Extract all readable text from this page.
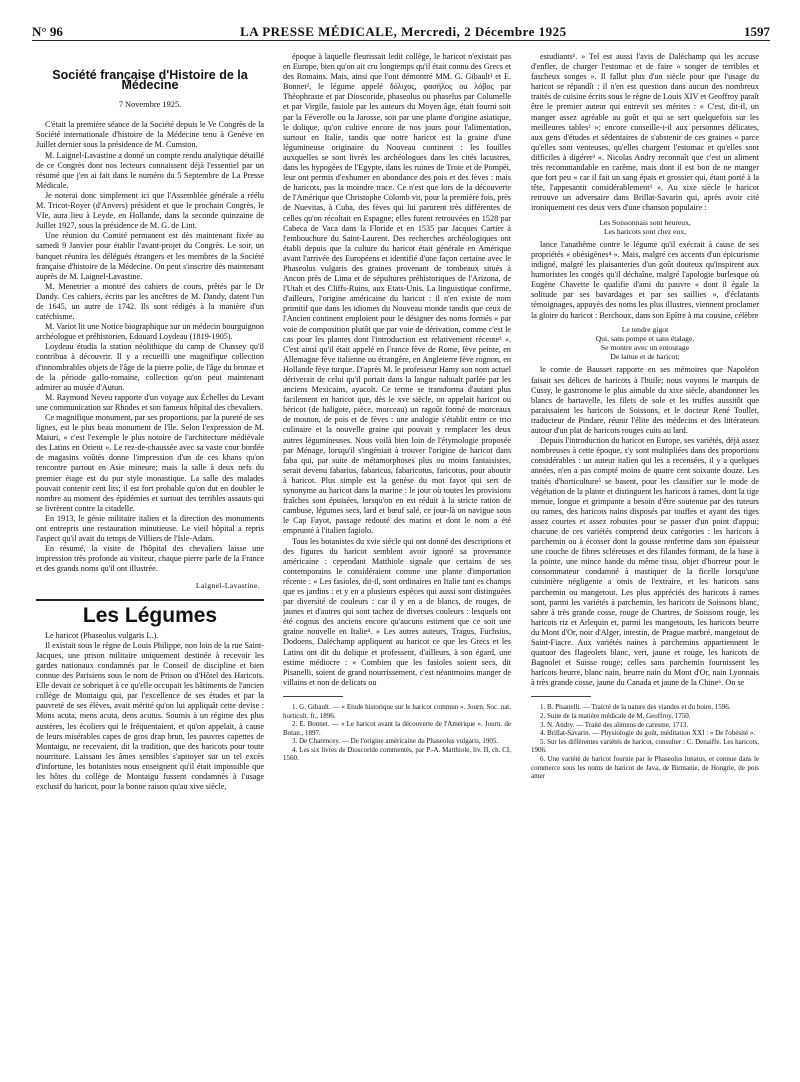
N° 96	LA PRESSE MÉDICALE, Mercredi, 2 Décembre 1925	1597
Société française d'Histoire de la Médecine
7 Novembre 1925.

C'était la première séance de la Société depuis le Ve Congrès de la Société internationale d'histoire de la Médecine tenu à Genève en Juillet dernier sous la présidence de M. Cumston.

M. Laignel-Lavastine a donné un compte rendu analytique détaillé de ce Congrès dont nos lecteurs connaissent déjà l'essentiel par un résumé que j'en ai fait dans le numéro du 5 Septembre de La Presse Médicale.

Je noterai donc simplement ici que l'Assemblée générale a réélu M. Tricot-Royer (d'Anvers) président et que le prochain Congrès, le VIe, aura lieu à Leyde, en Hollande, dans la seconde quinzaine de Juillet 1927, sous la présidence de M. G. de Lint.

Une réunion du Comité permanent est dès maintenant fixée au samedi 9 Janvier pour établir l'avant-projet du Congrès. Le soir, un banquet réunira les délégués étrangers et les membres de la Société française d'histoire de la Médecine. On peut s'inscrire dès maintenant auprès de M. Laignel-Lavastine.

M. Menetrier a montré des cahiers de cours, prêtés par le Dr Dandy. Ces cahiers, écrits par les ancêtres de M. Dandy, datent l'un de 1645, un autre de 1742. Ils sont rédigés à la manière d'un catéchisme.

M. Variot lit une Notice biographique sur un médecin bourguignon archéologue et préhistorien, Edouard Loydeau (1819-1905).

Loydeau étudia la station néolithique du camp de Chassey qu'il contribua à découvrir. Il y a recueilli une magnifique collection d'innombrables objets de l'âge de la pierre polie, de l'âge du bronze et de la période gallo-romaine, collection qu'on peut maintenant admirer au musée d'Autun.

M. Raymond Neveu rapporte d'un voyage aux Échelles du Levant une communication sur Rhodes et son fameux hôpital des chevaliers.

Ce magnifique monument, par ses proportions, par la pureté de ses lignes, est le plus beau monument de l'île. Selon l'expression de M. Maiuri, « c'est l'exemple le plus notoire de l'architecture médiévale des Latins en Orient ». Le rez-de-chaussée avec sa vaste cour bordée de magasins voûtés donne l'impression d'un de ces khans qu'on rencontre partout en Asie mineure; mais la salle à deux nefs du premier étage est du pur style monastique. La salle des malades pouvait contenir cent lits; il est fort probable qu'on dut en doubler le nombre au moment des épidémies et surtout des terribles assauts qui se livrèrent contre la citadelle.

En 1913, le génie militaire italien et la direction des monuments ont entrepris une restauration minutieuse. Le vieil hôpital a repris l'aspect qu'il avait du temps de Villiers de l'Isle-Adam.

En résumé, la visite de l'hôpital des chevaliers laisse une impression très profonde au visiteur, chaque pierre parle de la France et des grands noms qu'il ont illustrée.

Laignel-Lavastine.
Les Légumes

Le haricot (Phaseolus vulgaris L.).

Il existait sous le règne de Louis Philippe, non loin de la rue Saint-Jacques, une prison militaire uniquement destinée à recevoir les gardes nationaux condamnés par le Conseil de discipline et bien connue des Parisiens sous le nom de Prison ou d'Hôtel des Haricots. Elle devait ce sobriquet à ce qu'elle occupait les bâtiments de l'ancien collège de Montaigu qui, par l'excellence de ses études et par la pauvreté de ses élèves, avait mérité qu'on lui appliquât cette devise : Mons acuta, mens acuta, dens acutus. Soumis à un régime des plus austères, les écoliers qui le fréquentaient, et qu'on appelait, à cause de leurs misérables capes de gros drap brun, les pauvres capettes de Montaigu, ne recevaient, dit la tradition, que des haricots pour toute nourriture. Laissant les âmes sensibles s'apitoyer sur un tel excès d'infortune, les botanistes nous enseignent qu'il était impossible que les hôtes du collège de Montaigu fussent condamnés à l'usage exclusif du haricot, pour la bonne raison qu'au xive siècle,

époque à laquelle fleurissait ledit collège, le haricot n'existait pas en Europe, bien qu'on ait cru longtemps qu'il était connu des Grecs et des Romains. Mais, ainsi que l'ont démontré MM. G. Gibault¹ et E. Bonnet², le légume appelé δόλιχος, φασήλος ou λόβος par Théophraste et par Dioscoride, phaseolus ou phaselus par Columelle et par Virgile, fasiole par les auteurs du Moyen âge, était fourni soit par la Féverolle ou la Jarosse, soit par une plante d'origine asiatique, le dolique, qu'on cultive encore de nos jours pour l'alimentation, surtout en Italie, tandis que notre haricot est la graine d'une légumineuse originaire du Nouveau continent : les fouilles auxquelles se sont livrés les archéologues dans les cités lacustres, dans les hypogées de l'Egypte, dans les ruines de Troie et de Pompéi, leur ont permis d'exhumer en abondance des pois et des fèves : mais de haricots, pas la moindre trace. Ce n'est que lors de la découverte de l'Amérique que Christophe Colomb vit, pour la première fois, près de Nuevitas, à Cuba, des fèves qui lui parurent très différentes de celles qu'on récoltait en Espagne; elles furent retrouvées en 1528 par Cabeca de Vaca dans la Floride et en 1535 par Jacques Cartier à l'embouchure du Saint-Laurent. Des recherches archéologiques ont établi depuis que la culture du haricot était générale en Amérique avant l'arrivée des Européens et identifié d'une façon certaine avec le Phaseolus vulgaris des graines provenant de tombeaux situés à Ancon près de Lima et de sépultures préhistoriques de l'Arizona, de l'Utah et des Cliffs-Ruins, aux Etats-Unis. La linguistique confirme, d'ailleurs, l'origine américaine du haricot : il n'en existe de nom primitif que dans les idiomes du Nouveau monde tandis que ceux de l'Ancien continent emploient pour le désigner des noms formés « par voie de composition plutôt que par voie de dérivation, comme c'est le cas pour les plantes dont l'introduction est relativement récente³ ». C'est ainsi qu'il était appelé en France fève de Rome, fève peinte, en Allemagne fève italienne ou étrangère, en Angleterre fève rognon, en Hollande fève turque. D'après M. le professeur Hamy son nom actuel dériverait de celui qu'il portait dans la langue nahualt parlée par les anciens Mexicains, ayacolt. Ce terme se transforma d'autant plus facilement en haricot que, dès le xve siècle, on appelait haricot ou héricot (de haligote, pièce, morceau) un ragoût formé de morceaux de mouton, de pois et de fèves : une analogie s'établit entre ce trio culinaire et la nouvelle graine qui pouvait y remplacer les deux autres légumineuses. Nous voilà bien loin de l'étymologie proposée par Ménage, lorsqu'il s'ingéniait à trouver l'origine de haricot dans faba qui, par suite de métamorphoses plus ou moins fantaisistes, serait devenu fabarius, fabaricus, fabaricotus, faricotus, pour aboutir à haricot. Plus simple est la genèse du mot fayot qui sert de synonyme au haricot dans la marine : le jour où toutes les provisions fraîches sont épuisées, lorsqu'on en est réduit à la stricte ration de cambuse, légumes secs, lard et bœuf salé, ce jour-là on navigue sous le Cap Fayot, passage redouté des marins et dont le nom a été emprunté à l'italien fagiolo.

Tous les botanistes du xvie siècle qui ont donné des descriptions et des figures du haricot semblent avoir ignoré sa provenance américaine : cependant Matthiole signale que certains de ses contemporains le considéraient comme une plante d'importation récente : « Les fasioles, dit-il, sont ordinaires en Italie tant es champs que es jardins : et y en a plusieurs espèces qui aussi sont distinguées par diversité de couleurs : car il y en a de blancs, de rouges, de jaunes et d'autres qui sont tachez de diverses couleurs : lesquels ont été cognus des anciens encore qu'aucuns estiment que ce soit une graine nouvelle en Italie⁴. » Les autres auteurs, Tragus, Fuchsius, Dodoens, Daléchamp appliquent au haricot ce que les Grecs et les Latins ont dit du dolique et professent, d'ailleurs, à son égard, une estime médiocre : « Combien que les fasioles soient secs, dit Pisanelli, soient de grand nourrissement, c'est néantmoins manger de villains et non de delicats ou

1. G. Gibault. — « Etude historique sur le haricot commun ». Journ. Soc. nat. horticult. fr., 1896.

2. E. Bonnet. — « Le haricot avant la découverte de l'Amérique ». Journ. de Botan., 1897.

3. De Charencey. — De l'origine américaine du Phaseolus vulgaris, 1905.

4. Les six livres de Dioscoride commentés, par P.-A. Matthiole, liv. II, ch. CI, 1560.

estudiants¹. » Tel est aussi l'avis de Daléchamp qui les accuse d'enfler, de charger l'estomac et de faire « songer de terribles et fascheux songes ». Il fallut plus d'un siècle pour que l'usage du haricot se répandît : il n'en est question dans aucun des nombreux traités de cuisine écrits sous le règne de Louis XIV et Geoffroy paraît être le premier auteur qui entrevit ses mérites : « C'est, dit-il, un manger assez agréable au goût et qui se sert quelquefois sur les meilleures tables² »; encore conseille-t-il aux personnes délicates, aux gens d'études et sédentaires de s'abstenir de ces graines « parce qu'elles sont venteuses, qu'elles chargent l'estomac et qu'elles sont difficiles à digérer³ ». Nicolas Andry reconnaît que c'est un aliment très recommandable en carême, mais dont il est bon de ne manger que fort peu « car il fait un sang épais et grossier qui, étant porté à la tête, l'appesantit considérablement³ ». Au xixe siècle le haricot retrouve un adversaire dans Brillat-Savarin qui, après avoir cité ironiquement ces deux vers d'une chanson populaire :

Les Soissonnais sont heureux,
Les haricots sont chez eux,

lance l'anathème contre le légume qu'il exécrait à cause de ses propriétés « obésigènes⁴ ». Mais, malgré ces accents d'un épicurisme indigné, malgré les plaisanteries d'un goût douteux qu'inspirent aux humoristes les congés qu'il déchaîne, malgré l'apologie burlesque où Eugène Chavette le qualifie d'ami du pauvre « dont il égale la solitude par ses bavardages et par ses saillies », d'éclatants témoignages, appuyés des noms les plus illustres, viennent proclamer la gloire du haricot : Berchoux, dans son Epître à ma cousine, célèbre

Le tendre gigot
Qui, sans pompe et sans étalage,
Se montre avec un entourage
De laitue et de haricot;

le comte de Bausset rapporte en ses mémoires que Napoléon faisait ses délices de haricots à l'huile; nous voyons le marquis de Cussy, le gastronome le plus aimable du xixe siècle, abandonner les blancs de bartavelle, les filets de sole et les truffes aussitôt que paraissaient les haricots de Soissons, et le docteur René Toullet, traducteur de Pindare, réunir l'élite des médecins et des littérateurs autour d'un plat de haricots rouges cuits au lard.

Depuis l'introduction du haricot en Europe, ses variétés, déjà assez nombreuses à cette époque, s'y sont multipliées dans des proportions considérables : un auteur italien qui les a recensées, il y a quelques années, n'en a pas compté moins de quatre cent soixante douze. Les traités d'horticulture⁵ se basent, pour les classifier sur le mode de végétation de la plante et distinguent les haricots à rames, dont la tige menue, longue et grimpante a besoin d'être soutenue par des tuteurs ou rames, des haricots nains disposés par touffes et ayant des tiges assez courtes et assez robustes pour se passer d'un point d'appui; chacune de ces variétés comprend deux catégories : les haricots à parchemin ou à écosser dont la gousse renferme dans son épaisseur une couche de fibres scléreuses et des filandes formant, de la base à la pointe, une mince bande du même tissu, objet d'horreur pour le consommateur condamné à mastiquer de la ficelle lorsqu'une cuisinière négligente a omis de l'extraire, et les haricots sans parchemin ou mangetout. Les plus appréciés des haricots à rames sont, parmi les variétés à parchemin, les haricots de Soissons blanc, sabre à très grande cosse, rouge de Chartres, de Soissons rouge, les haricots riz et Arlequin et, parmi les mangetouts, les haricots beurre du Mont d'Or, noir d'Alger, intestin, de Prague marbré, mangetout de Saint-Fiacre. Aux variétés naines à parchemins appartiennent le quatuor des flageolets blanc, vert, jaune et rouge, les haricots de Bagnolet et Suisse rouge; celles sans parchemin fournissent les haricots beurre, blanc nain, beurre nain du Mont d'Or, nain Lyonnais à très grande cosse, jaune du Canada et jaune de la Chine⁶. On se

1. B. Pisanelli. — Traicté de la nature des viandes et du boire, 1596.

2. Suite de la matière médicale de M. Geoffroy, 1750.

3. N. Andry. — Traité des alimens de caresme, 1713.

4. Brillat-Savarin. — Physiologie du goût, méditation XXI : « De l'obésité ».

5. Sur les différentes variétés de haricot, consulter : C. Denaiffe. Les haricots, 1906.

6. Une variété de haricot fournie par le Phaseolus lunatus, et connue dans le commerce sous les noms de haricot de Java, de Birmanie, de Hongrie, de pois amer
